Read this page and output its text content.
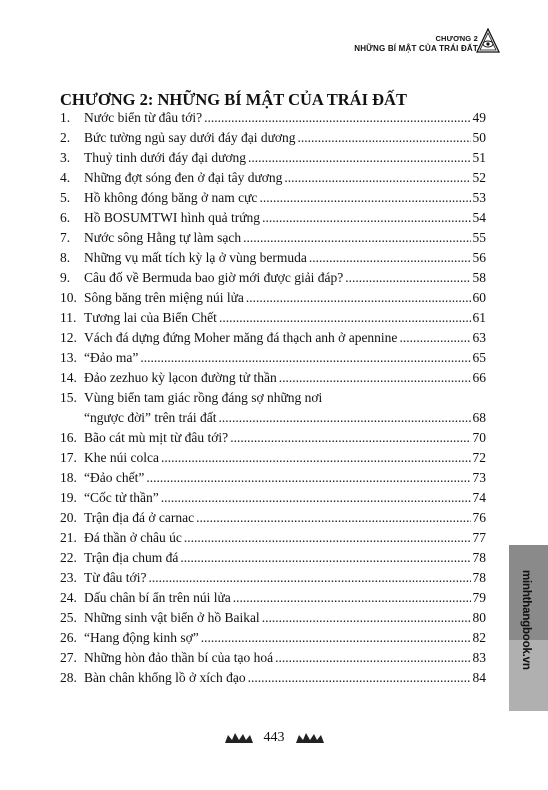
CHƯƠNG 2
NHỮNG BÍ MẬT CỦA TRÁI ĐẤT
CHƯƠNG 2: NHỮNG BÍ MẬT CỦA TRÁI ĐẤT
1.	Nước biển từ đâu tới? .....	49
2.	Bức tường ngủ say dưới đáy đại dương .....	50
3.	Thuỷ tinh dưới đáy đại dương .....	51
4.	Những đợt sóng đen ở đại tây dương .....	52
5.	Hồ không đóng băng ở nam cực .....	53
6.	Hồ BOSUMTWI hình quả trứng .....	54
7.	Nước sông Hằng tự làm sạch .....	55
8.	Những vụ mất tích kỳ lạ ở vùng bermuda .....	56
9.	Câu đố về Bermuda bao giờ mới được giải đáp? .....	58
10. Sông băng trên miệng núi lửa .....	60
11. Tương lai của Biển Chết .....	61
12. Vách đá dựng đứng Moher măng đá thạch anh ở apennine .....	63
13. “Đảo ma” .....	65
14. Đảo zezhuo kỳ lạcon đường tử thần .....	66
15. Vùng biển tam giác rồng đáng sợ những nơi
“ngược đời” trên trái đất .....	68
16. Bão cát mù mịt từ đâu tới? .....	70
17. Khe núi colca .....	72
18. “Đảo chết” .....	73
19. “Cốc tử thần” .....	74
20. Trận địa đá ở carnac .....	76
21. Đá thần ở châu úc .....	77
22. Trận địa chum đá .....	78
23. Từ đâu tới? .....	78
24. Dấu chân bí ẩn trên núi lửa .....	79
25. Những sinh vật biển ở hồ Baikal .....	80
26. “Hang động kinh sợ” .....	82
27. Những hòn đảo thần bí của tạo hoá .....	83
28. Bàn chân khổng lồ ở xích đạo .....	84
minhthangbook.vn
443
